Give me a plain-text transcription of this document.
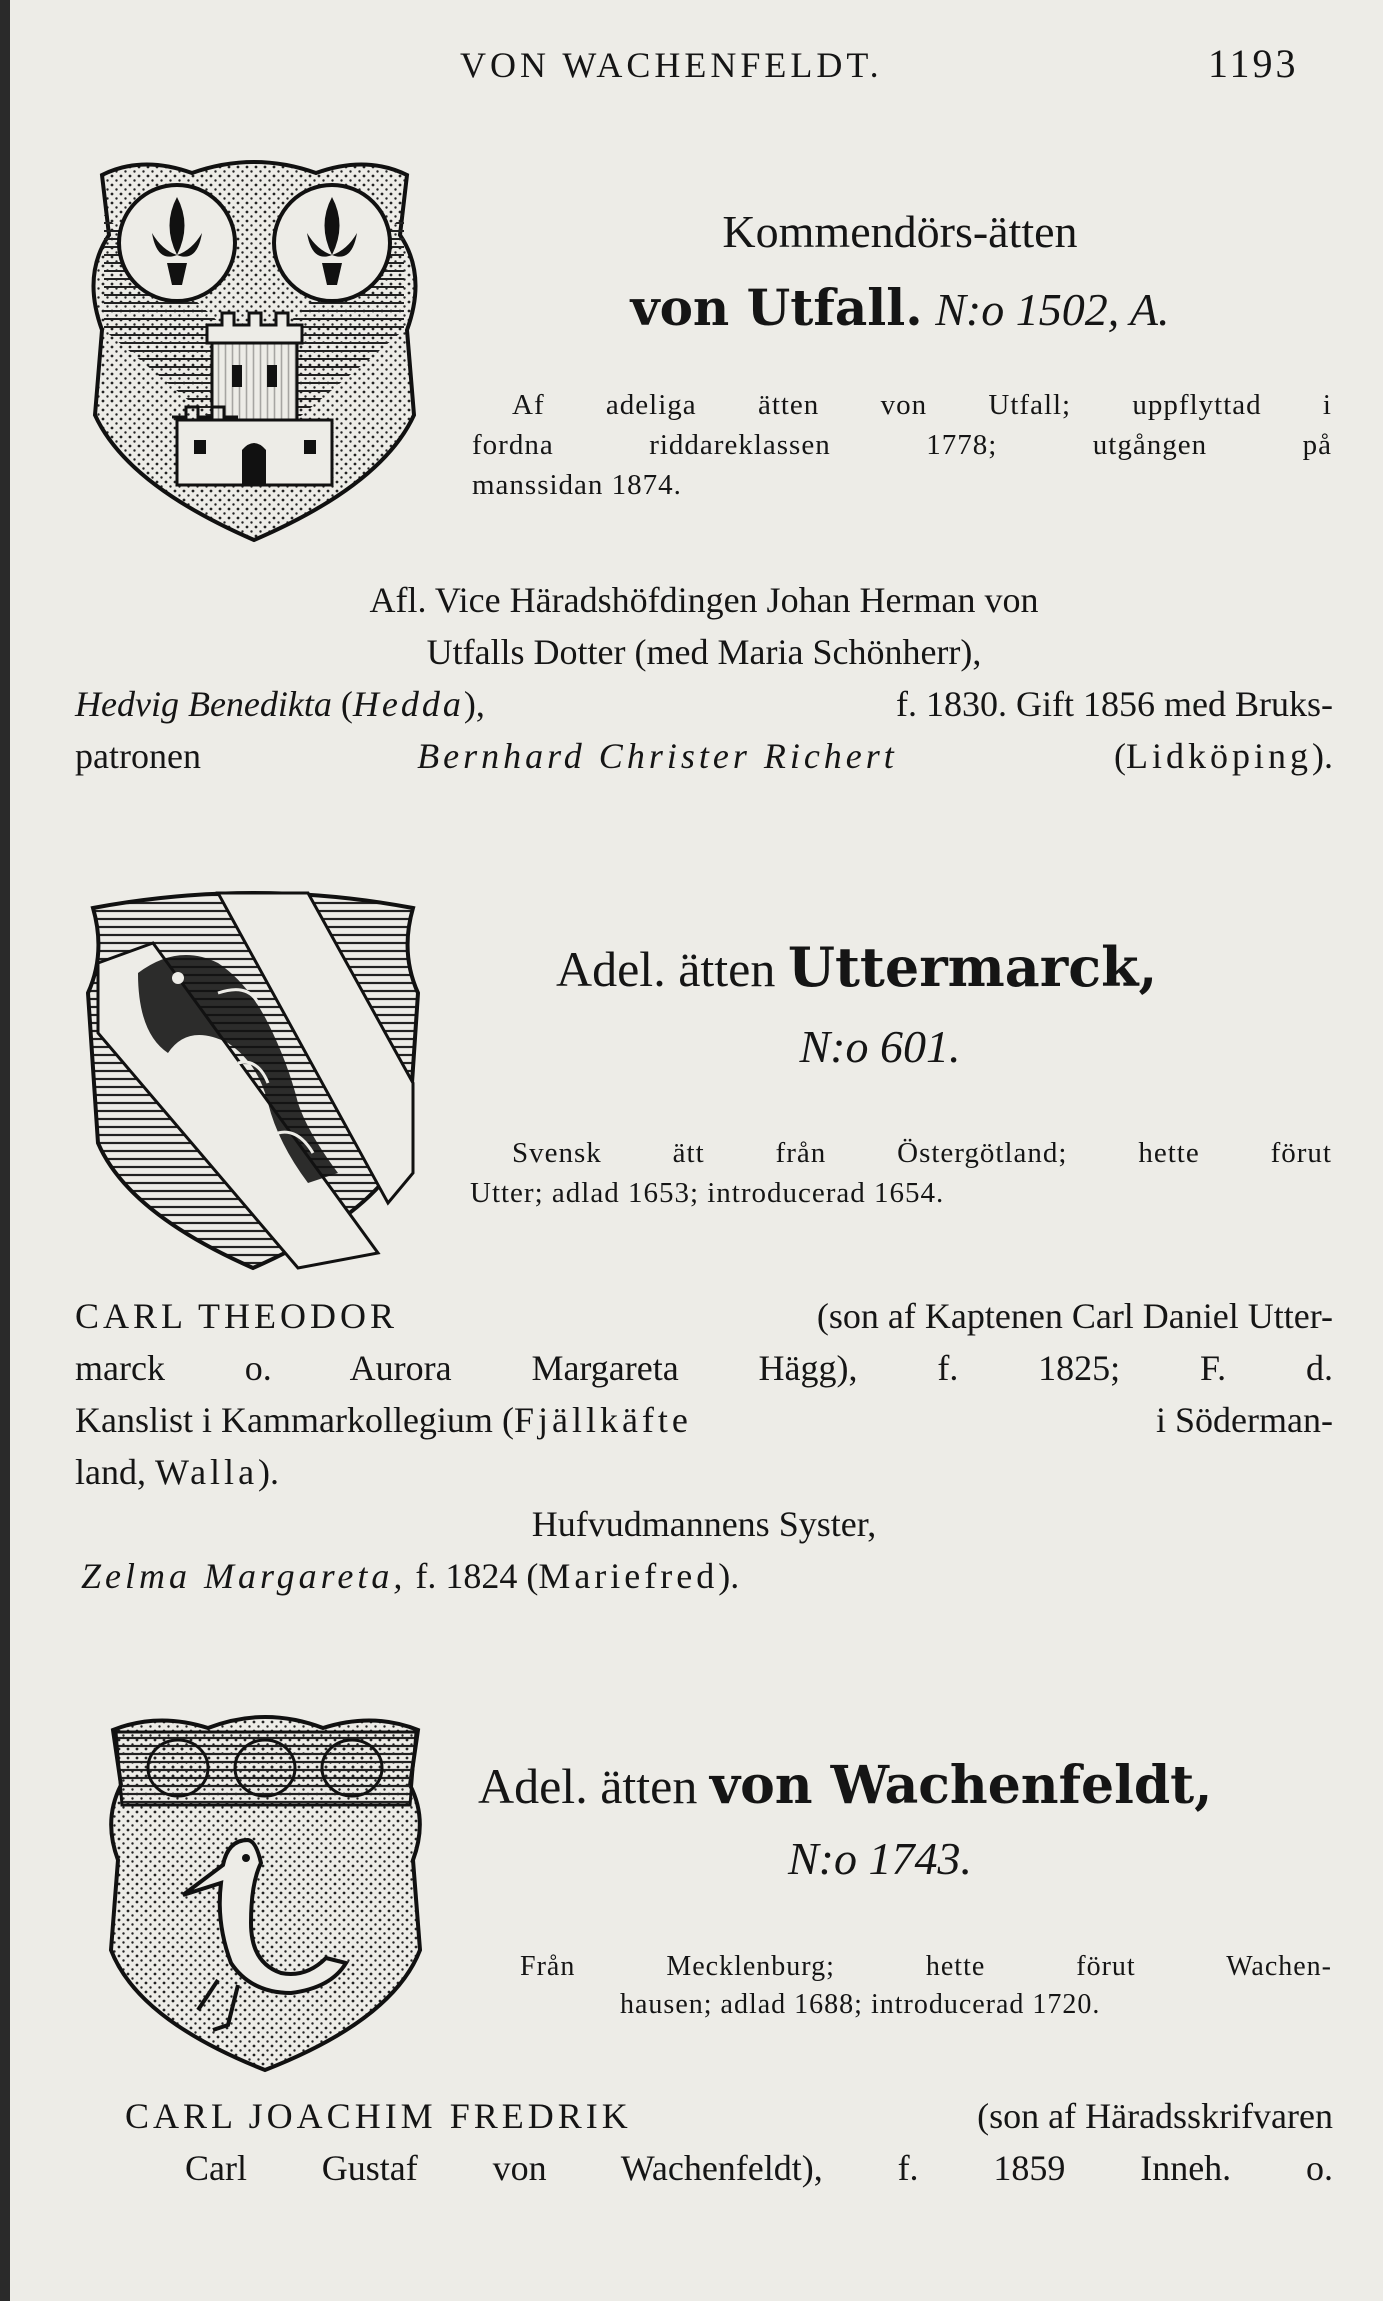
VON WACHENFELDT.	1193
Kommendörs-ätten
von Utfall. N:o 1502, A.
Af adeliga ätten von Utfall; uppflyttad i
fordna riddareklassen 1778; utgången på
manssidan 1874.
Afl. Vice Häradshöfdingen Johan Herman von
Utfalls Dotter (med Maria Schönherr),
Hedvig Benedikta (Hedda),	f. 1830. Gift 1856 med Bruks-
patronen	Bernhard Christer Richert	(Lidköping).
Adel. ätten Uttermarck,
N:o 601.
Svensk ätt från Östergötland; hette förut
Utter; adlad 1653; introducerad 1654.
CARL THEODOR	(son af Kaptenen Carl Daniel Utter-
marck o. Aurora Margareta Hägg), f. 1825; F. d.
Kanslist i Kammarkollegium (Fjällkäfte	i Söderman-
land, Walla).
Hufvudmannens Syster,
Zelma Margareta, f. 1824 (Mariefred).
Adel. ätten von Wachenfeldt,
N:o 1743.
Från Mecklenburg; hette förut Wachen-
hausen; adlad 1688; introducerad 1720.
CARL JOACHIM FREDRIK	(son af Häradsskrifvaren
Carl Gustaf von Wachenfeldt), f. 1859 Inneh. o.
